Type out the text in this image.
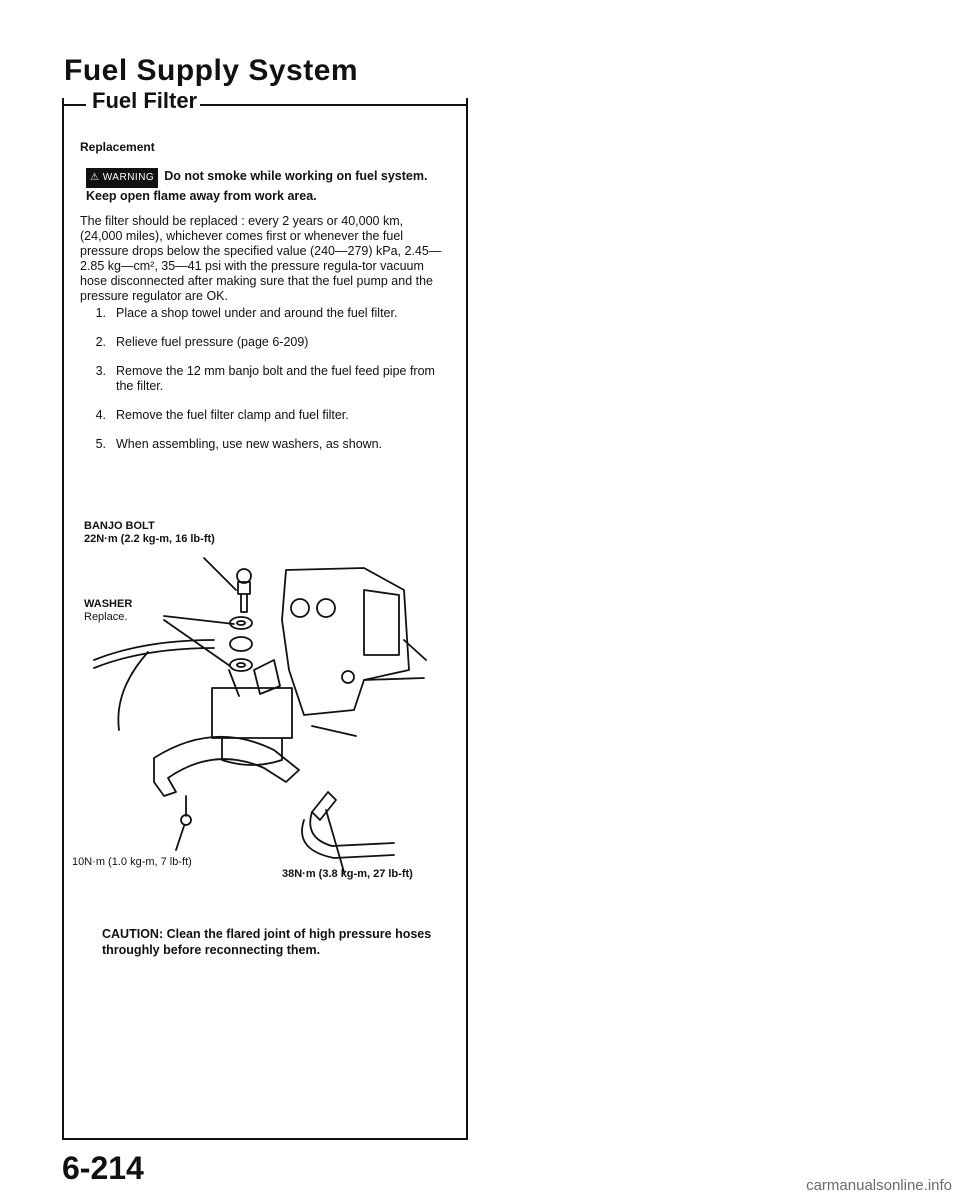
Fuel Supply System
Fuel Filter
Replacement
⚠ WARNING Do not smoke while working on fuel system. Keep open flame away from work area.
The filter should be replaced : every 2 years or 40,000 km, (24,000 miles), whichever comes first or whenever the fuel pressure drops below the specified value (240—279) kPa, 2.45—2.85 kg—cm², 35—41 psi with the pressure regula-tor vacuum hose disconnected after making sure that the fuel pump and the pressure regulator are OK.
1. Place a shop towel under and around the fuel filter.
2. Relieve fuel pressure (page 6-209)
3. Remove the 12 mm banjo bolt and the fuel feed pipe from the filter.
4. Remove the fuel filter clamp and fuel filter.
5. When assembling, use new washers, as shown.
BANJO BOLT
22N·m (2.2 kg-m, 16 lb-ft)
WASHER
Replace.
10N·m (1.0 kg-m, 7 lb-ft)
38N·m (3.8 kg-m, 27 lb-ft)
CAUTION: Clean the flared joint of high pressure hoses throughly before reconnecting them.
6-214	carmanualsonline.info
